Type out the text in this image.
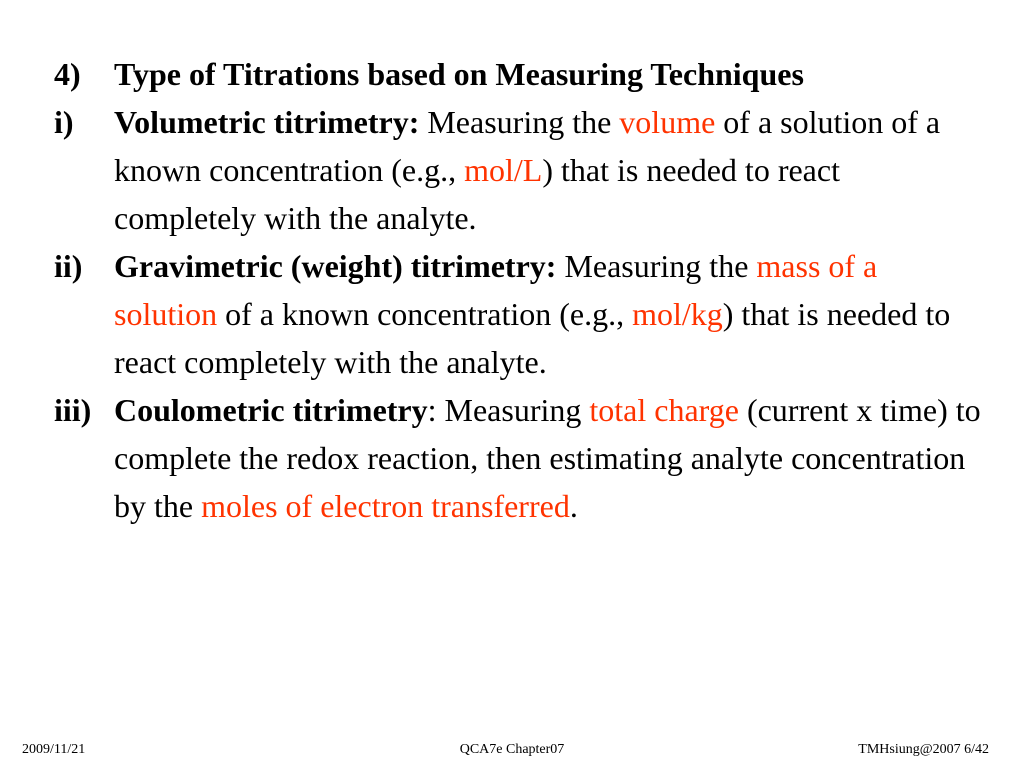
4)	Type of Titrations based on Measuring Techniques
i)	Volumetric titrimetry: Measuring the volume of a solution of a known concentration (e.g., mol/L) that is needed to react completely with the analyte.
ii) Gravimetric (weight) titrimetry: Measuring the mass of a solution of a known concentration (e.g., mol/kg) that is needed to react completely with the analyte.
iii) Coulometric titrimetry: Measuring total charge (current x time) to complete the redox reaction, then estimating analyte concentration by the moles of electron transferred.
2009/11/21	QCA7e Chapter07	TMHsiung@2007 6/42
